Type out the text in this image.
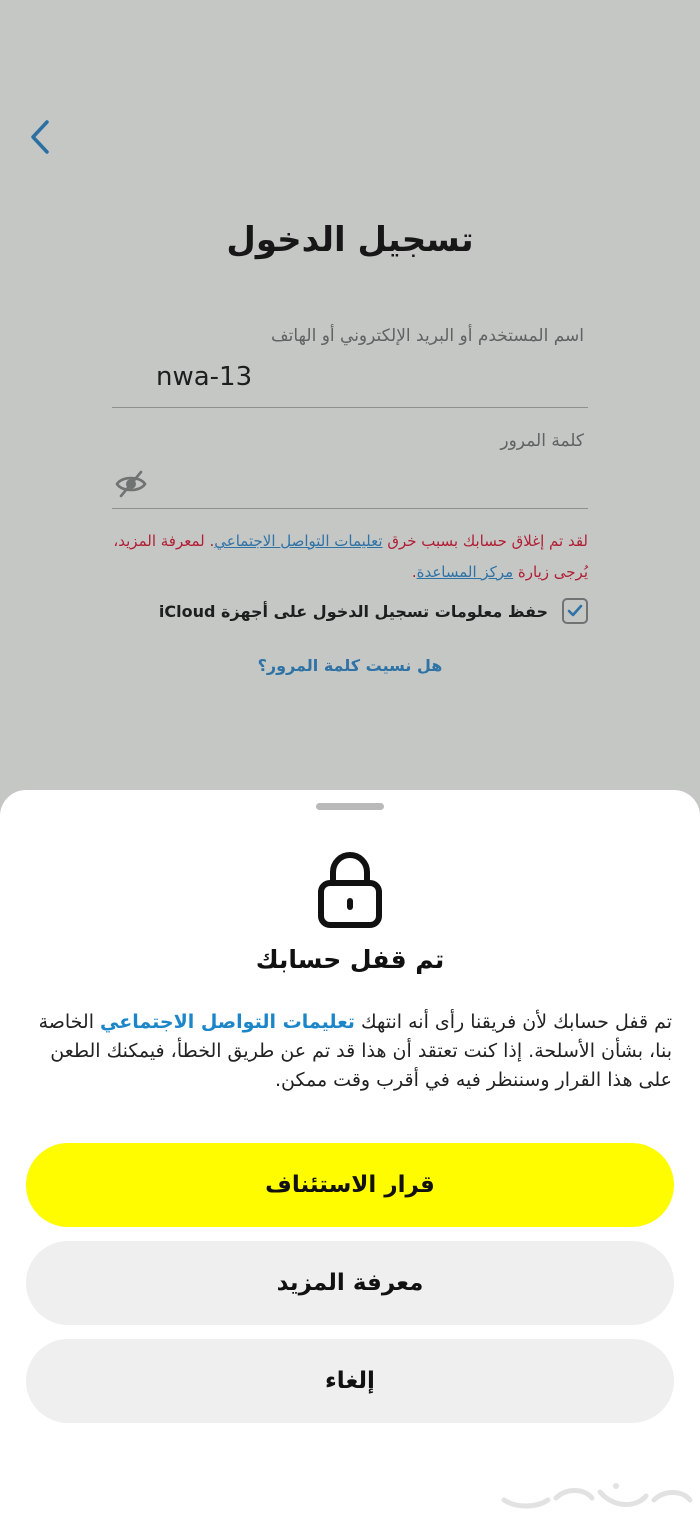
تسجيل الدخول
اسم المستخدم أو البريد الإلكتروني أو الهاتف
nwa-13
كلمة المرور
لقد تم إغلاق حسابك بسبب خرق تعليمات التواصل الاجتماعي. لمعرفة المزيد، يُرجى زيارة مركز المساعدة.
حفظ معلومات تسجيل الدخول على أجهزة iCloud
هل نسيت كلمة المرور؟
تم قفل حسابك
تم قفل حسابك لأن فريقنا رأى أنه انتهك تعليمات التواصل الاجتماعي الخاصة بنا، بشأن الأسلحة. إذا كنت تعتقد أن هذا قد تم عن طريق الخطأ، فيمكنك الطعن على هذا القرار وسننظر فيه في أقرب وقت ممكن.
قرار الاستئناف
معرفة المزيد
إلغاء
